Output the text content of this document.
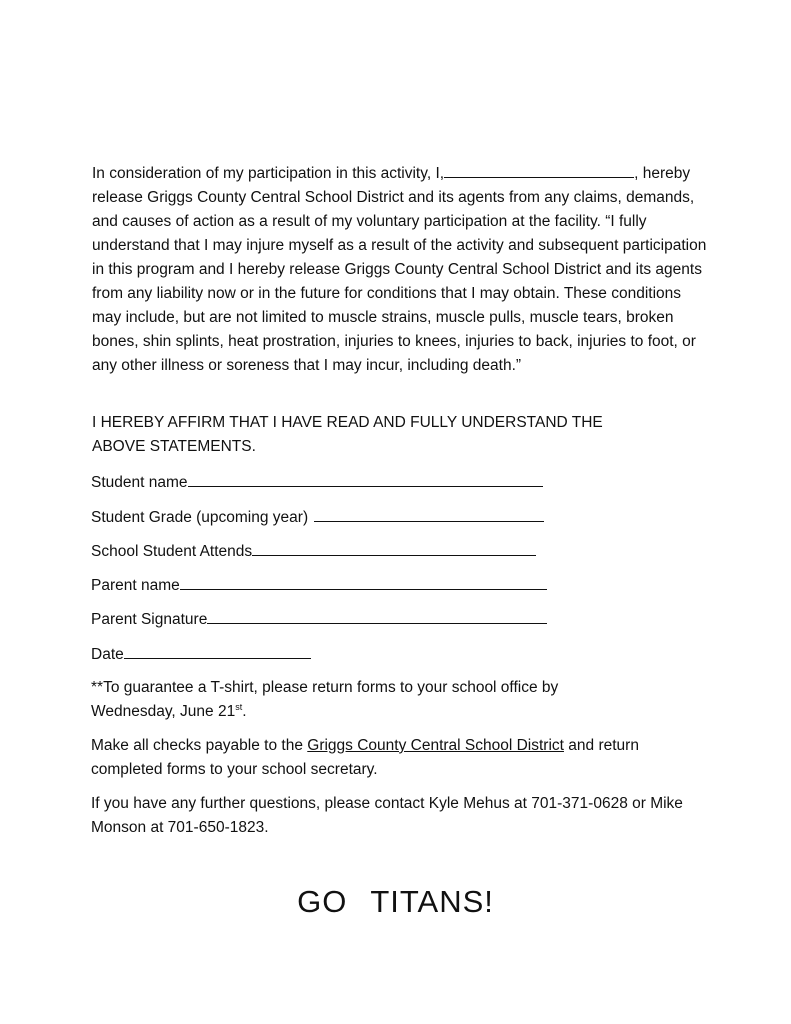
In consideration of my participation in this activity, I,	, hereby release Griggs County Central School District and its agents from any claims, demands, and causes of action as a result of my voluntary participation at the facility. “I fully understand that I may injure myself as a result of the activity and subsequent participation in this program and I hereby release Griggs County Central School District and its agents from any liability now or in the future for conditions that I may obtain. These conditions may include, but are not limited to muscle strains, muscle pulls, muscle tears, broken bones, shin splints, heat prostration, injuries to knees, injuries to back, injuries to foot, or any other illness or soreness that I may incur, including death.”

I HEREBY AFFIRM THAT I HAVE READ AND FULLY UNDERSTAND THE ABOVE STATEMENTS.

Student name
Student Grade (upcoming year)
School Student Attends
Parent name
Parent Signature
Date

**To guarantee a T-shirt, please return forms to your school office by Wednesday, June 21st.

Make all checks payable to the Griggs County Central School District and return completed forms to your school secretary.

If you have any further questions, please contact Kyle Mehus at 701-371-0628 or Mike Monson at 701-650-1823.

GO TITANS!
